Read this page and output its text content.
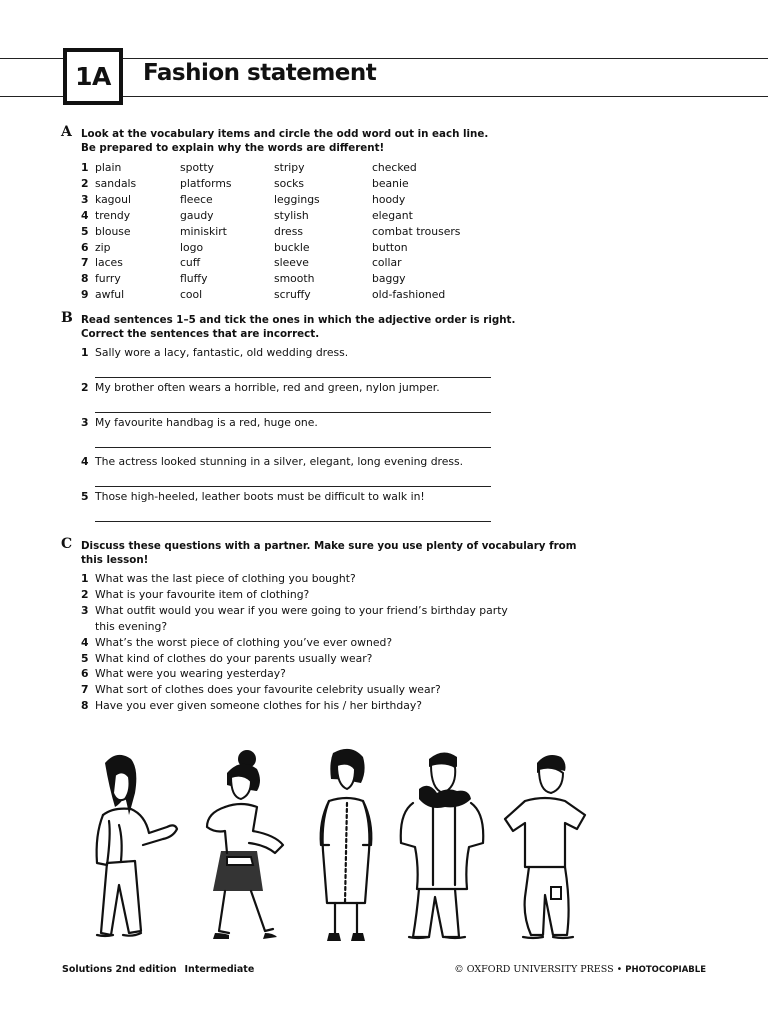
1A Fashion statement
A Look at the vocabulary items and circle the odd word out in each line.
Be prepared to explain why the words are different!
1 plain	spotty	stripy	checked
2 sandals	platforms	socks	beanie
3 kagoul	fleece	leggings	hoody
4 trendy	gaudy	stylish	elegant
5 blouse	miniskirt	dress	combat trousers
6 zip	logo	buckle	button
7 laces	cuff	sleeve	collar
8 furry	fluffy	smooth	baggy
9 awful	cool	scruffy	old-fashioned
B Read sentences 1–5 and tick the ones in which the adjective order is right.
Correct the sentences that are incorrect.
1 Sally wore a lacy, fantastic, old wedding dress.
2 My brother often wears a horrible, red and green, nylon jumper.
3 My favourite handbag is a red, huge one.
4 The actress looked stunning in a silver, elegant, long evening dress.
5 Those high-heeled, leather boots must be difficult to walk in!
C Discuss these questions with a partner. Make sure you use plenty of vocabulary from
this lesson!
1 What was the last piece of clothing you bought?
2 What is your favourite item of clothing?
3 What outfit would you wear if you were going to your friend’s birthday party
this evening?
4 What’s the worst piece of clothing you’ve ever owned?
5 What kind of clothes do your parents usually wear?
6 What were you wearing yesterday?
7 What sort of clothes does your favourite celebrity usually wear?
8 Have you ever given someone clothes for his / her birthday?
Solutions 2nd edition Intermediate	© OXFORD UNIVERSITY PRESS • PHOTOCOPIABLE
